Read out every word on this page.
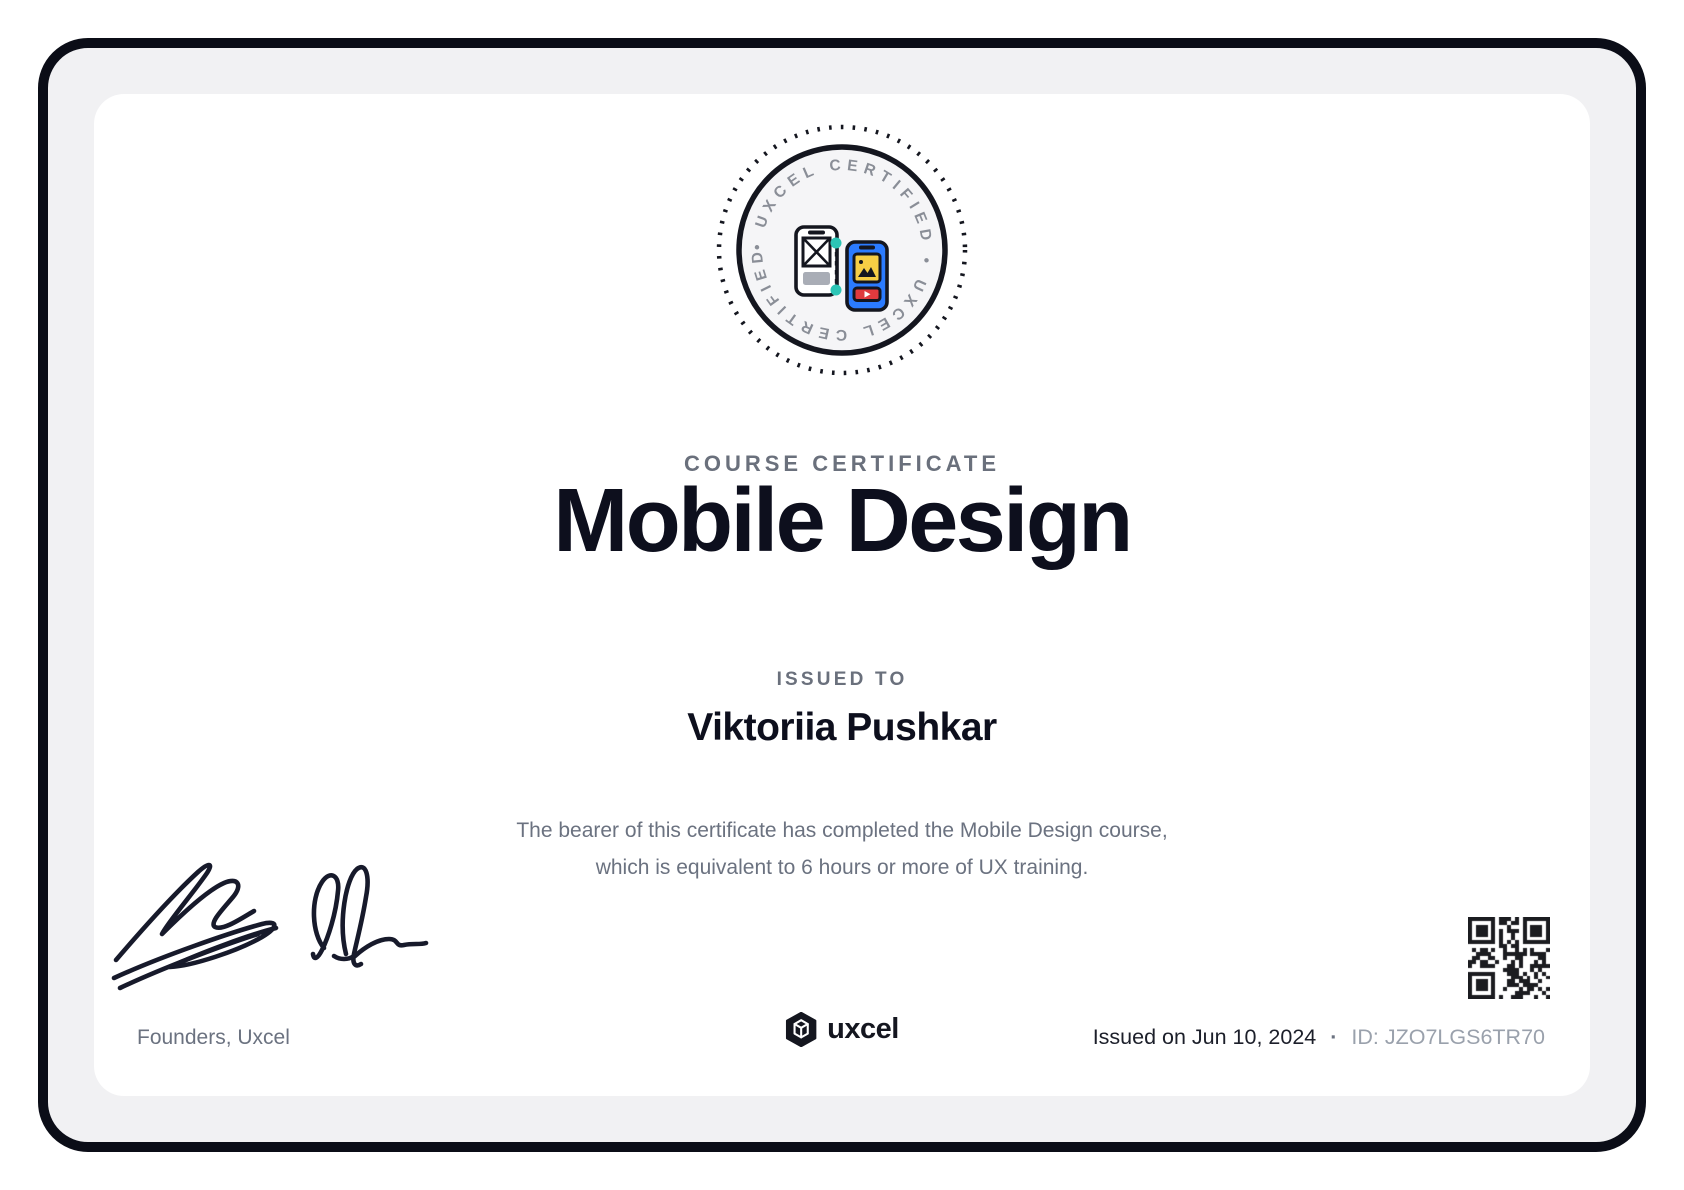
• UXCEL CERTIFIED • UXCEL CERTIFIED
COURSE CERTIFICATE
Mobile Design
ISSUED TO
Viktoriia Pushkar
The bearer of this certificate has completed the Mobile Design course,
which is equivalent to 6 hours or more of UX training.
Founders, Uxcel	uxcel	Issued on Jun 10, 2024 · ID: JZO7LGS6TR70
